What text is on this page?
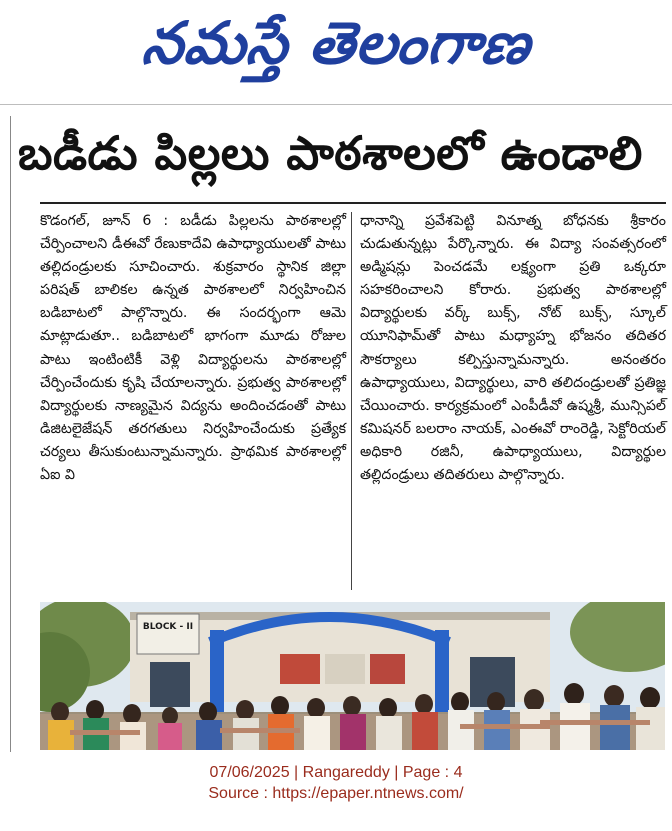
నమస్తే తెలంగాణ
బడీడు పిల్లలు పాఠశాలలో ఉండాలి

కొడంగల్, జూన్ 6 : బడీడు పిల్లలను పాఠశాలల్లో చేర్పించాలని డీఈవో రేణుకాదేవి ఉపాధ్యాయులతో పాటు తల్లిదండ్రులకు సూచించారు. శుక్రవారం స్థానిక జిల్లా పరిషత్ బాలికల ఉన్నత పాఠశాలలో నిర్వహించిన బడిబాటలో పాల్గొన్నారు. ఈ సందర్భంగా ఆమె మాట్లాడుతూ.. బడిబాటలో భాగంగా మూడు రోజుల పాటు ఇంటింటికీ వెళ్లి విద్యార్థులను పాఠశాలల్లో చేర్పించేందుకు కృషి చేయాలన్నారు. ప్రభుత్వ పాఠశాలల్లో విద్యార్థులకు నాణ్యమైన విద్యను అందించడంతో పాటు డిజిటలైజేషన్ తరగతులు నిర్వహించేందుకు ప్రత్యేక చర్యలు తీసుకుంటున్నామన్నారు. ప్రాథమిక పాఠశాలల్లో ఏఐ వి

ధానాన్ని ప్రవేశపెట్టి వినూత్న బోధనకు శ్రీకారం చుడుతున్నట్లు పేర్కొన్నారు. ఈ విద్యా సంవత్సరంలో అడ్మిషన్లు పెంచడమే లక్ష్యంగా ప్రతి ఒక్కరూ సహకరించాలని కోరారు. ప్రభుత్వ పాఠశాలల్లో విద్యార్థులకు వర్క్ బుక్స్, నోట్ బుక్స్, స్కూల్ యూనిఫామ్‌తో పాటు మధ్యాహ్న భోజనం తదితర సౌకర్యాలు కల్పిస్తున్నామన్నారు. అనంతరం ఉపాధ్యాయులు, విద్యార్థులు, వారి తలిదండ్రులతో ప్రతిజ్ఞ చేయించారు. కార్యక్రమంలో ఎంపీడీవో ఉష్మశ్రీ, మున్సిపల్ కమిషనర్ బలరాం నాయక్, ఎంఈవో రాంరెడ్డి, సెక్టోరియల్ అధికారి రజినీ, ఉపాధ్యాయులు, విద్యార్థుల తల్లిదండ్రులు తదితరులు పాల్గొన్నారు.

BLOCK - II
07/06/2025 | Rangareddy | Page : 4
Source : https://epaper.ntnews.com/
